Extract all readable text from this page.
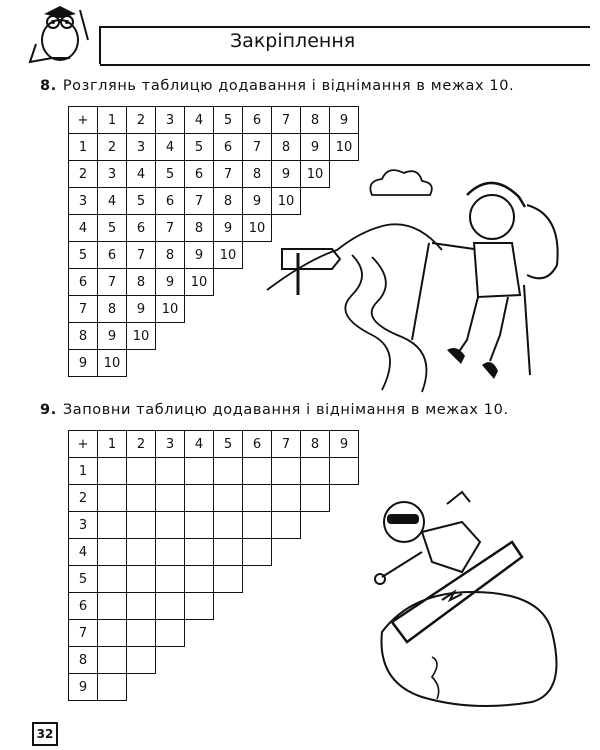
Закріплення
8. Розглянь таблицю додавання і віднімання в межах 10.
+	1	2	3	4	5	6	7	8	9	
1	2	3	4	5	6	7	8	9	10	
2	3	4	5	6	7	8	9	10		
3	4	5	6	7	8	9	10			
4	5	6	7	8	9	10				
5	6	7	8	9	10					
6	7	8	9	10						
7	8	9	10							
8	9	10								
9	10									
9. Заповни таблицю додавання і віднімання в межах 10.
+	1	2	3	4	5	6	7	8	9
1									
2									
3									
4									
5									
6									
7									
8									
9									
32
